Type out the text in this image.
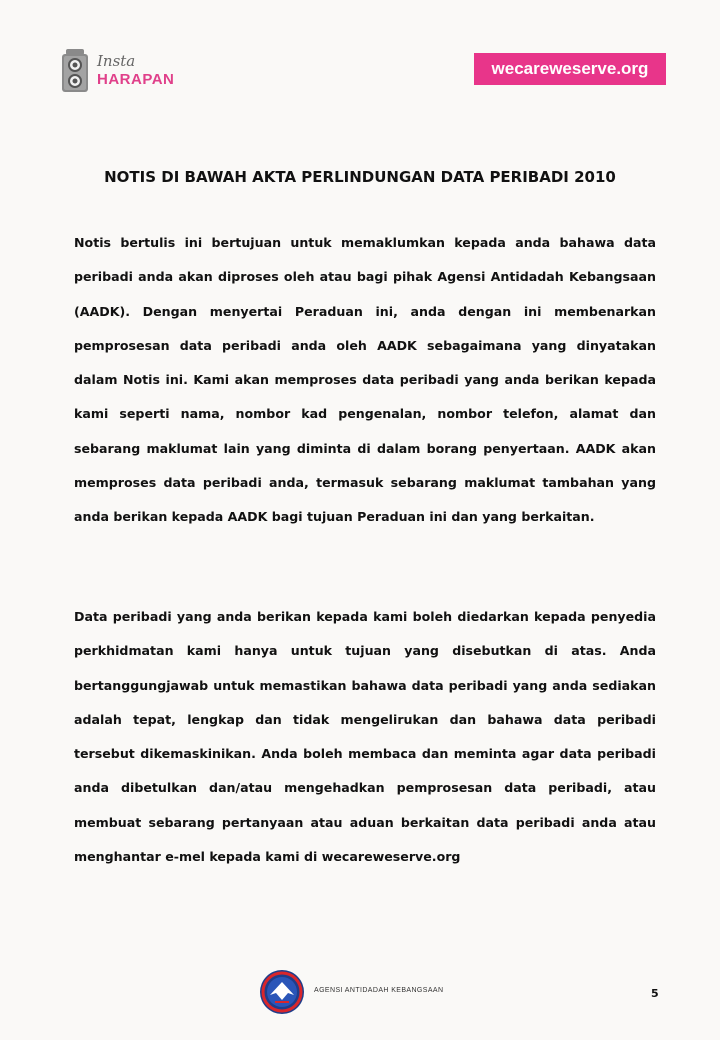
Insta
HARAPAN
wecareweserve.org
NOTIS DI BAWAH AKTA PERLINDUNGAN DATA PERIBADI 2010

Notis bertulis ini bertujuan untuk memaklumkan kepada anda bahawa data peribadi anda akan diproses oleh atau bagi pihak Agensi Antidadah Kebangsaan (AADK). Dengan menyertai Peraduan ini, anda dengan ini membenarkan pemprosesan data peribadi anda oleh AADK sebagaimana yang dinyatakan dalam Notis ini. Kami akan memproses data peribadi yang anda berikan kepada kami seperti nama, nombor kad pengenalan, nombor telefon, alamat dan sebarang maklumat lain yang diminta di dalam borang penyertaan. AADK akan memproses data peribadi anda, termasuk sebarang maklumat tambahan yang anda berikan kepada AADK bagi tujuan Peraduan ini dan yang berkaitan.

Data peribadi yang anda berikan kepada kami boleh diedarkan kepada penyedia perkhidmatan kami hanya untuk tujuan yang disebutkan di atas. Anda bertanggungjawab untuk memastikan bahawa data peribadi yang anda sediakan adalah tepat, lengkap dan tidak mengelirukan dan bahawa data peribadi tersebut dikemaskinikan. Anda boleh membaca dan meminta agar data peribadi anda dibetulkan dan/atau mengehadkan pemprosesan data peribadi, atau membuat sebarang pertanyaan atau aduan berkaitan data peribadi anda atau menghantar e-mel kepada kami di wecareweserve.org

AGENSI ANTIDADAH KEBANGSAAN	5
